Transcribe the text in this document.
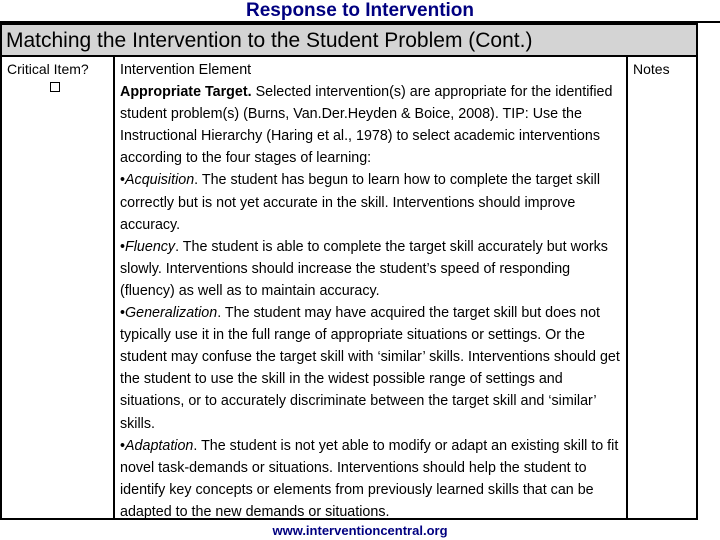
Response to Intervention
Matching the Intervention to the Student Problem (Cont.)
Critical Item?	Notes

Intervention Element

Appropriate Target. Selected intervention(s) are appropriate for the identified student problem(s) (Burns, Van.Der.Heyden & Boice, 2008). TIP: Use the Instructional Hierarchy (Haring et al., 1978) to select academic interventions according to the four stages of learning:

•Acquisition. The student has begun to learn how to complete the target skill correctly but is not yet accurate in the skill. Interventions should improve accuracy.

•Fluency. The student is able to complete the target skill accurately but works slowly. Interventions should increase the student’s speed of responding (fluency) as well as to maintain accuracy.

•Generalization. The student may have acquired the target skill but does not typically use it in the full range of appropriate situations or settings. Or the student may confuse the target skill with ‘similar’ skills. Interventions should get the student to use the skill in the widest possible range of settings and situations, or to accurately discriminate between the target skill and ‘similar’ skills.

•Adaptation. The student is not yet able to modify or adapt an existing skill to fit novel task-demands or situations. Interventions should help the student to identify key concepts or elements from previously learned skills that can be adapted to the new demands or situations.

www.interventioncentral.org
